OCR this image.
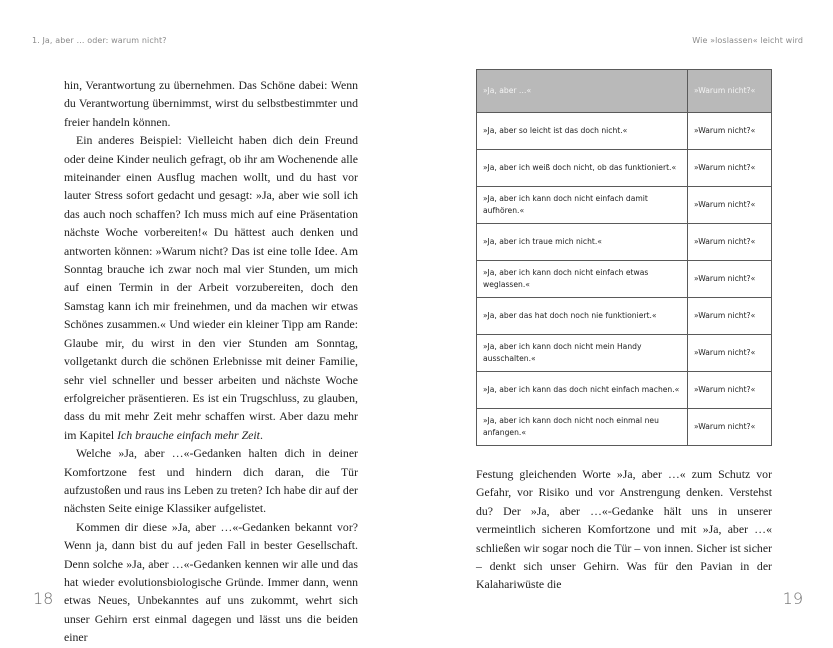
1. Ja, aber … oder: warum nicht?

hin, Verantwortung zu übernehmen. Das Schöne dabei: Wenn du Verantwortung übernimmst, wirst du selbstbestimmter und freier handeln können.

Ein anderes Beispiel: Vielleicht haben dich dein Freund oder deine Kinder neulich gefragt, ob ihr am Wochenende alle miteinander einen Ausflug machen wollt, und du hast vor lauter Stress sofort gedacht und gesagt: »Ja, aber wie soll ich das auch noch schaffen? Ich muss mich auf eine Präsentation nächste Woche vorbereiten!« Du hättest auch denken und antworten können: »Warum nicht? Das ist eine tolle Idee. Am Sonntag brauche ich zwar noch mal vier Stunden, um mich auf einen Termin in der Arbeit vorzubereiten, doch den Samstag kann ich mir freinehmen, und da machen wir etwas Schönes zusammen.« Und wieder ein kleiner Tipp am Rande: Glaube mir, du wirst in den vier Stunden am Sonntag, vollgetankt durch die schönen Erlebnisse mit deiner Familie, sehr viel schneller und besser arbeiten und nächste Woche erfolgreicher präsentieren. Es ist ein Trugschluss, zu glauben, dass du mit mehr Zeit mehr schaffen wirst. Aber dazu mehr im Kapitel Ich brauche einfach mehr Zeit.

Welche »Ja, aber …«-Gedanken halten dich in deiner Komfortzone fest und hindern dich daran, die Tür aufzustoßen und raus ins Leben zu treten? Ich habe dir auf der nächsten Seite einige Klassiker aufgelistet.

Kommen dir diese »Ja, aber …«-Gedanken bekannt vor? Wenn ja, dann bist du auf jeden Fall in bester Gesellschaft. Denn solche »Ja, aber …«-Gedanken kennen wir alle und das hat wieder evolutionsbiologische Gründe. Immer dann, wenn etwas Neues, Unbekanntes auf uns zukommt, wehrt sich unser Gehirn erst einmal dagegen und lässt uns die beiden einer

18
Wie »loslassen« leicht wird
»Ja, aber …«	»Warum nicht?«
»Ja, aber so leicht ist das doch nicht.«	»Warum nicht?«
»Ja, aber ich weiß doch nicht, ob das funktioniert.«	»Warum nicht?«
»Ja, aber ich kann doch nicht einfach damit aufhören.«	»Warum nicht?«
»Ja, aber ich traue mich nicht.«	»Warum nicht?«
»Ja, aber ich kann doch nicht einfach etwas weglassen.«	»Warum nicht?«
»Ja, aber das hat doch noch nie funktioniert.«	»Warum nicht?«
»Ja, aber ich kann doch nicht mein Handy ausschalten.«	»Warum nicht?«
»Ja, aber ich kann das doch nicht einfach machen.«	»Warum nicht?«
»Ja, aber ich kann doch nicht noch einmal neu anfangen.«	»Warum nicht?«

Festung gleichenden Worte »Ja, aber …« zum Schutz vor Gefahr, vor Risiko und vor Anstrengung denken. Verstehst du? Der »Ja, aber …«-Gedanke hält uns in unserer vermeintlich sicheren Komfortzone und mit »Ja, aber …« schließen wir sogar noch die Tür – von innen. Sicher ist sicher – denkt sich unser Gehirn. Was für den Pavian in der Kalahariwüste die

19
